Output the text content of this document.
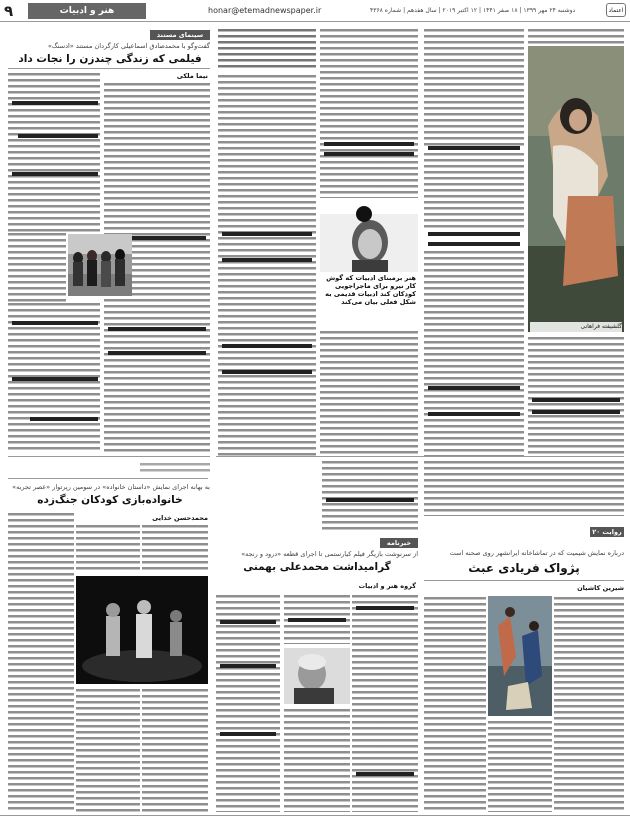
۹	هنر و ادبیات	honar@etemadnewspaper.ir	دوشنبه ۲۴ مهر ۱۳۹۹ | ۱۸ صفر ۱۴۴۱ | ۱۲ اکتبر ۲۰۱۹ | سال هفدهم | شماره ۴۳۶۸	اعتماد
سینمای مستند
گفت‌وگو با محمدصادق اسماعیلی کارگردان مستند «ادسنگ»
فیلمی که زندگی چندزن را نجات داد
نیما ملکی
هنر برمبنای ادبیات که گوش کار نیرو برای ماجراجویی کودکان کند ادبیات قدیمی به شکل فعلی بیان می‌کند
گلشیفته فراهانی
به بهانه اجرای نمایش «داستان خانواده» در سومین رپرتوار «عصر تجربه»
خانواده‌بازی کودکان جنگ‌زده
محمدحسن خدایی
خبرنامه
از سرنوشت بازیگر فیلم کیارستمی تا اجرای قطعه «درود و رنجه»
گرامیداشت محمدعلی بهمنی
گروه هنر و ادبیات
روایت ۲۰
درباره نمایش شیمیت که در تماشاخانه ایرانشهر روی صحنه است
پژواک فریادی عبث
شیرین کاشیان
